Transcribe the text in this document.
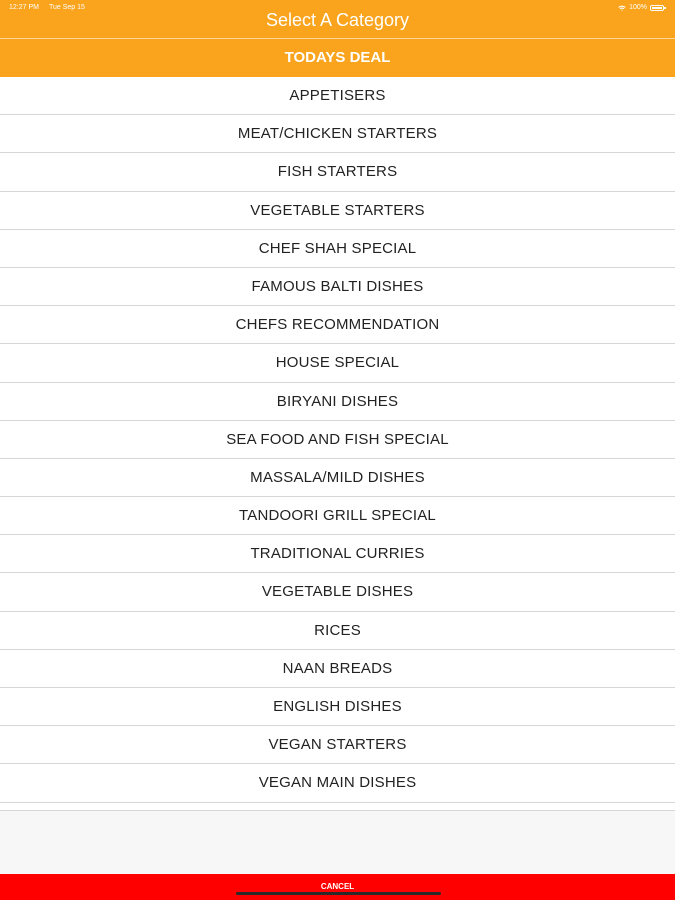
12:27 PM Tue Sep 15	100%
Select A Category
TODAYS DEAL
APPETISERS
MEAT/CHICKEN STARTERS
FISH STARTERS
VEGETABLE STARTERS
CHEF SHAH SPECIAL
FAMOUS BALTI DISHES
CHEFS RECOMMENDATION
HOUSE SPECIAL
BIRYANI DISHES
SEA FOOD AND FISH SPECIAL
MASSALA/MILD DISHES
TANDOORI GRILL SPECIAL
TRADITIONAL CURRIES
VEGETABLE DISHES
RICES
NAAN BREADS
ENGLISH DISHES
VEGAN STARTERS
VEGAN MAIN DISHES
CANCEL
